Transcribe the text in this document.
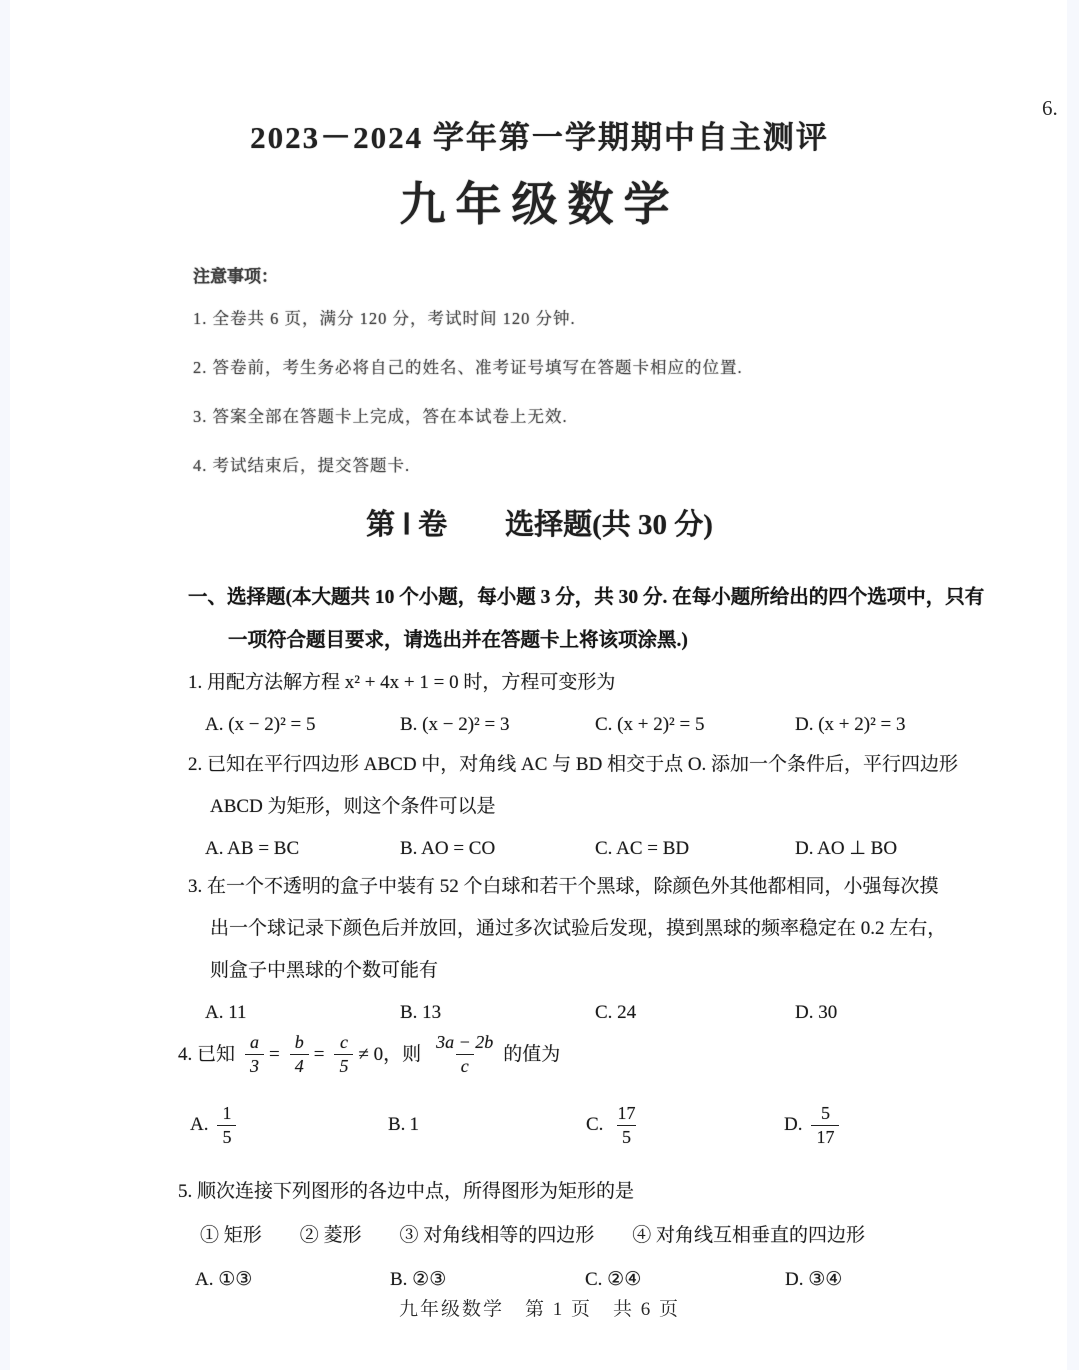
6.
2023－2024 学年第一学期期中自主测评
九年级数学

注意事项：

1. 全卷共 6 页，满分 120 分，考试时间 120 分钟.

2. 答卷前，考生务必将自己的姓名、准考证号填写在答题卡相应的位置.

3. 答案全部在答题卡上完成，答在本试卷上无效.

4. 考试结束后，提交答题卡.

第 Ⅰ 卷　　选择题(共 30 分)

一、选择题(本大题共 10 个小题，每小题 3 分，共 30 分. 在每小题所给出的四个选项中，只有

一项符合题目要求，请选出并在答题卡上将该项涂黑.)

1. 用配方法解方程 x² + 4x + 1 = 0 时，方程可变形为

A. (x − 2)² = 5	B. (x − 2)² = 3	C. (x + 2)² = 5	D. (x + 2)² = 3

2. 已知在平行四边形 ABCD 中，对角线 AC 与 BD 相交于点 O. 添加一个条件后，平行四边形

ABCD 为矩形，则这个条件可以是

A. AB = BC	B. AO = CO	C. AC = BD	D. AO ⊥ BO

3. 在一个不透明的盒子中装有 52 个白球和若干个黑球，除颜色外其他都相同，小强每次摸

出一个球记录下颜色后并放回，通过多次试验后发现，摸到黑球的频率稳定在 0.2 左右，

则盒子中黑球的个数可能有

A. 11	B. 13	C. 24	D. 30

4. 已知 $\frac{a}{3} = \frac{b}{4} = \frac{c}{5} \ne 0$，则 $\frac{3a - 2b}{c}$ 的值为

A. $\frac{1}{5}$	B. 1	C. $\frac{17}{5}$	D. $\frac{5}{17}$

5. 顺次连接下列图形的各边中点，所得图形为矩形的是

① 矩形　　② 菱形　　③ 对角线相等的四边形　　④ 对角线互相垂直的四边形

A. ①③	B. ②③	C. ②④	D. ③④
九年级数学　第 1 页　共 6 页
